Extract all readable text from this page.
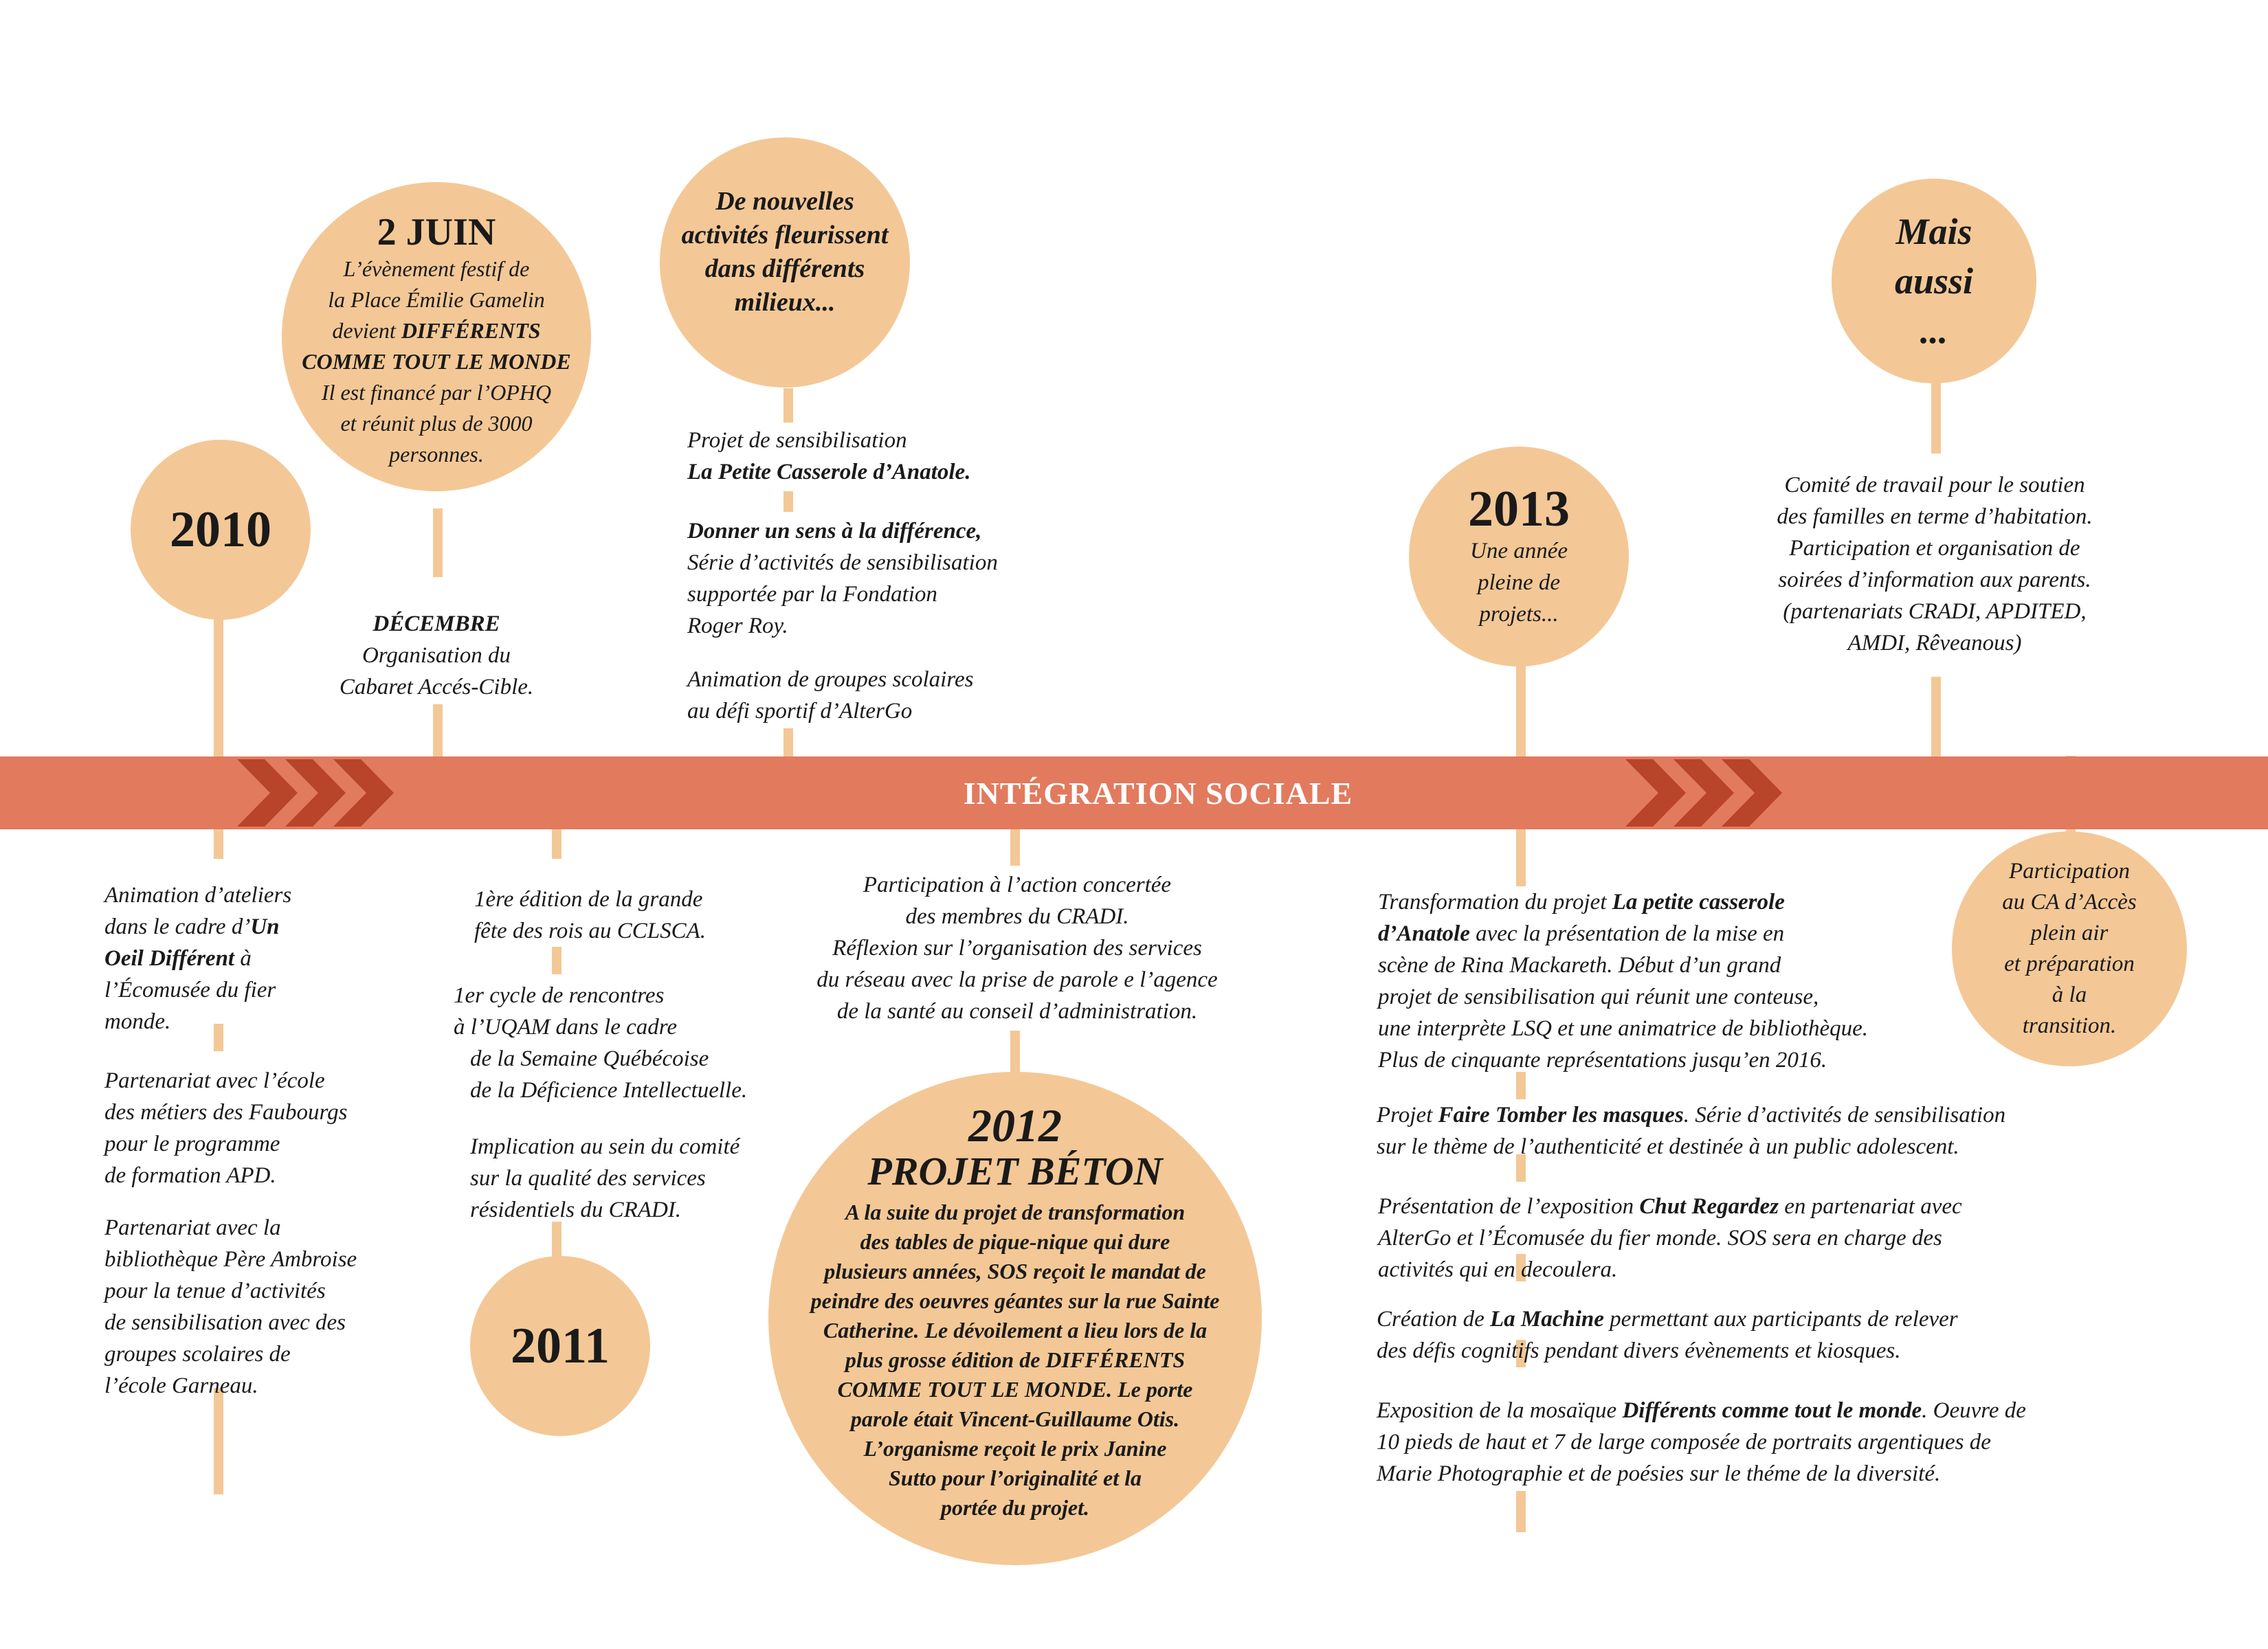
INTÉGRATION SOCIALE
2010
2 JUIN
L’évènement festif de
la Place Émilie Gamelin
devient DIFFÉRENTS
COMME TOUT LE MONDE
Il est financé par l’OPHQ
et réunit plus de 3000
personnes.
De nouvelles
activités fleurissent
dans différents
milieux...
2013
Une année
pleine de
projets...
Mais
aussi
...
2011
2012
PROJET BÉTON
A la suite du projet de transformation
des tables de pique-nique qui dure
plusieurs années, SOS reçoit le mandat de
peindre des oeuvres géantes sur la rue Sainte
Catherine. Le dévoilement a lieu lors de la
plus grosse édition de DIFFÉRENTS
COMME TOUT LE MONDE. Le porte
parole était Vincent-Guillaume Otis.
L’organisme reçoit le prix Janine
Sutto pour l’originalité et la
portée du projet.
Participation
au CA d’Accès
plein air
et préparation
à la
transition.
DÉCEMBRE
Organisation du
Cabaret Accés-Cible.
Projet de sensibilisation
La Petite Casserole d’Anatole.
Donner un sens à la différence,
Série d’activités de sensibilisation
supportée par la Fondation
Roger Roy.
Animation de groupes scolaires
au défi sportif d’AlterGo
Comité de travail pour le soutien
des familles en terme d’habitation.
Participation et organisation de
soirées d’information aux parents.
(partenariats CRADI, APDITED,
AMDI, Rêveanous)
Animation d’ateliers
dans le cadre d’Un
Oeil Différent à
l’Écomusée du fier
monde.
Partenariat avec l’école
des métiers des Faubourgs
pour le programme
de formation APD.
Partenariat avec la
bibliothèque Père Ambroise
pour la tenue d’activités
de sensibilisation avec des
groupes scolaires de
l’école Garneau.
1ère édition de la grande
fête des rois au CCLSCA.
1er cycle de rencontres
à l’UQAM dans le cadre
de la Semaine Québécoise
de la Déficience Intellectuelle.
Implication au sein du comité
sur la qualité des services
résidentiels du CRADI.
Participation à l’action concertée
des membres du CRADI.
Réflexion sur l’organisation des services
du réseau avec la prise de parole e l’agence
de la santé au conseil d’administration.
Transformation du projet La petite casserole
d’Anatole avec la présentation de la mise en
scène de Rina Mackareth. Début d’un grand
projet de sensibilisation qui réunit une conteuse,
une interprète LSQ et une animatrice de bibliothèque.
Plus de cinquante représentations jusqu’en 2016.
Projet Faire Tomber les masques. Série d’activités de sensibilisation
sur le thème de l’authenticité et destinée à un public adolescent.
Présentation de l’exposition Chut Regardez en partenariat avec
AlterGo et l’Écomusée du fier monde. SOS sera en charge des
activités qui en decoulera.
Création de La Machine permettant aux participants de relever
des défis cognitifs pendant divers évènements et kiosques.
Exposition de la mosaïque Différents comme tout le monde. Oeuvre de
10 pieds de haut et 7 de large composée de portraits argentiques de
Marie Photographie et de poésies sur le théme de la diversité.
